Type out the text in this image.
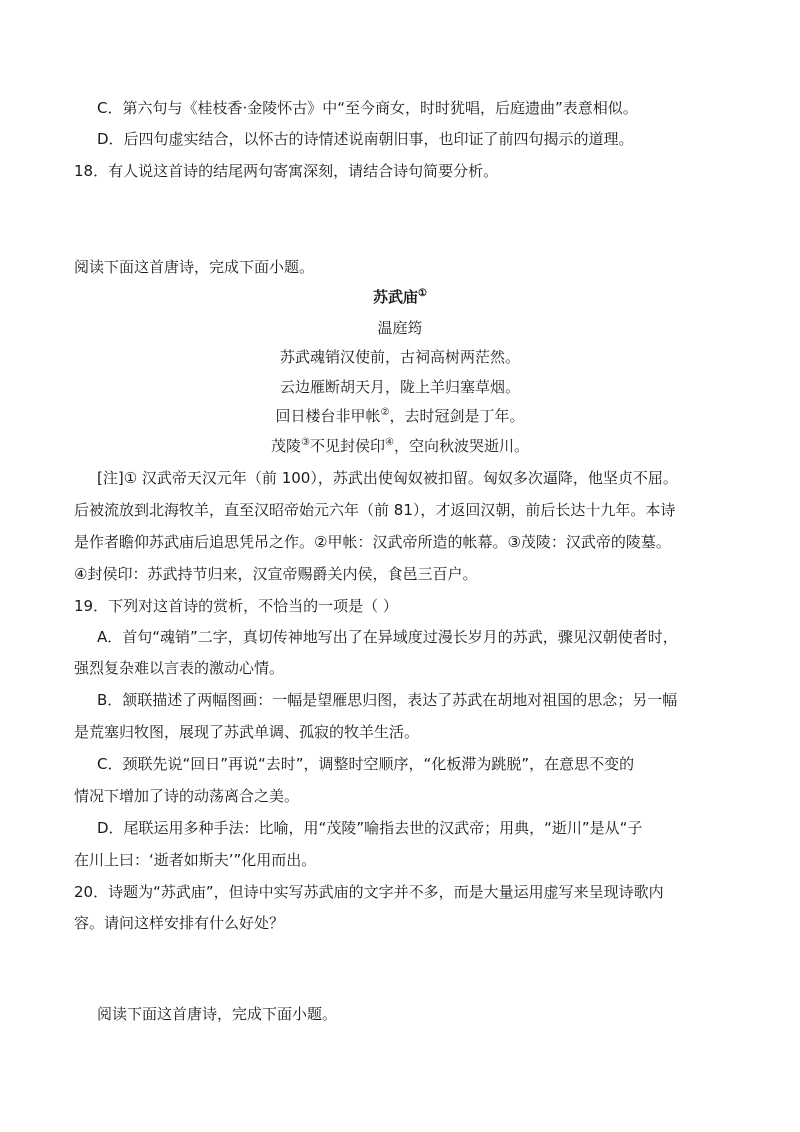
C．第六句与《桂枝香·金陵怀古》中“至今商女，时时犹唱，后庭遗曲”表意相似。
D．后四句虚实结合，以怀古的诗情述说南朝旧事，也印证了前四句揭示的道理。
18．有人说这首诗的结尾两句寄寓深刻，请结合诗句简要分析。
阅读下面这首唐诗，完成下面小题。
苏武庙①
温庭筠
苏武魂销汉使前，古祠高树两茫然。
云边雁断胡天月，陇上羊归塞草烟。
回日楼台非甲帐②，去时冠剑是丁年。
茂陵③不见封侯印④，空向秋波哭逝川。
[注]① 汉武帝天汉元年（前 100），苏武出使匈奴被扣留。匈奴多次逼降，他坚贞不屈。
后被流放到北海牧羊，直至汉昭帝始元六年（前 81），才返回汉朝，前后长达十九年。本诗
是作者瞻仰苏武庙后追思凭吊之作。②甲帐：汉武帝所造的帐幕。③茂陵：汉武帝的陵墓。
④封侯印：苏武持节归来，汉宣帝赐爵关内侯，食邑三百户。
19．下列对这首诗的赏析，不恰当的一项是（ ）
A．首句“魂销”二字，真切传神地写出了在异域度过漫长岁月的苏武，骤见汉朝使者时，
强烈复杂难以言表的激动心情。
B．颔联描述了两幅图画：一幅是望雁思归图，表达了苏武在胡地对祖国的思念；另一幅
是荒塞归牧图，展现了苏武单调、孤寂的牧羊生活。
C．颈联先说“回日”再说“去时”，调整时空顺序，“化板滞为跳脱”，在意思不变的
情况下增加了诗的动荡离合之美。
D．尾联运用多种手法：比喻，用“茂陵”喻指去世的汉武帝；用典，“逝川”是从“子
在川上曰：‘逝者如斯夫’”化用而出。
20．诗题为“苏武庙”，但诗中实写苏武庙的文字并不多，而是大量运用虚写来呈现诗歌内
容。请问这样安排有什么好处？
阅读下面这首唐诗，完成下面小题。
